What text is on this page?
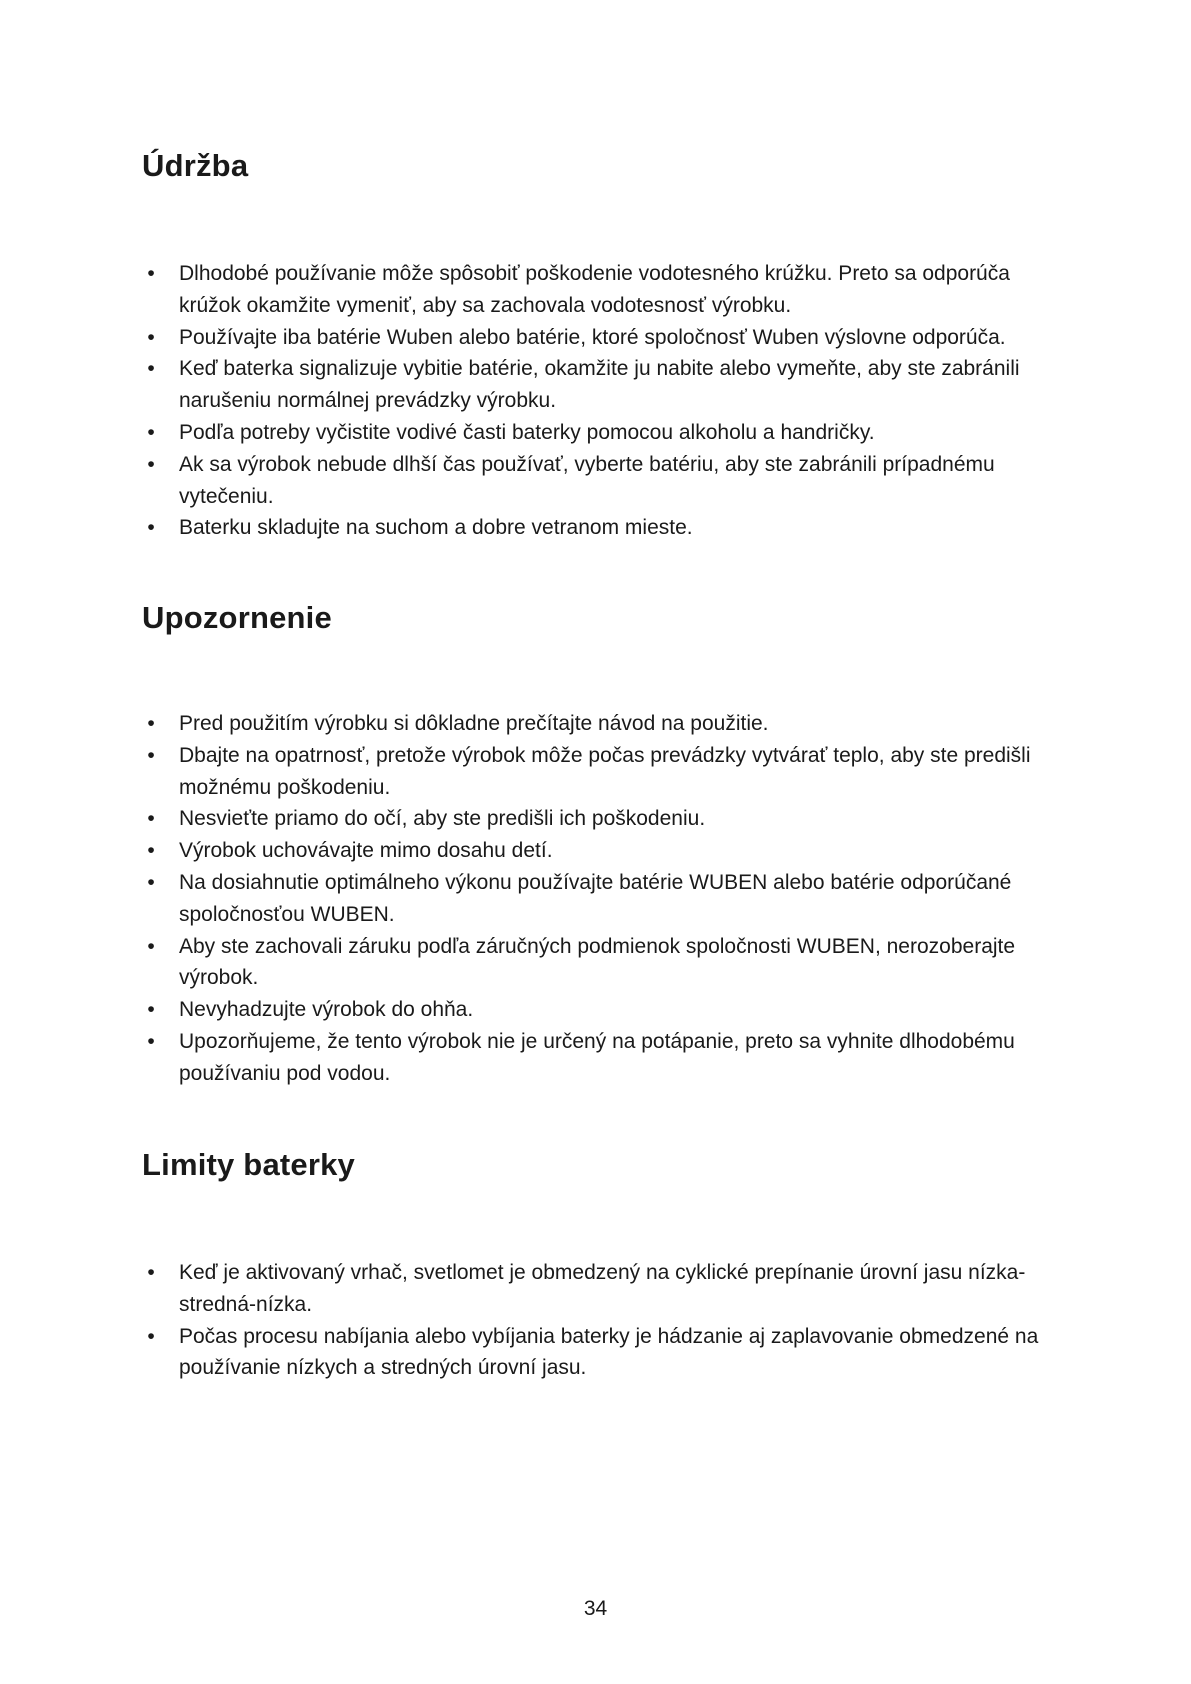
Údržba
• Dlhodobé používanie môže spôsobiť poškodenie vodotesného krúžku. Preto sa odporúča krúžok okamžite vymeniť, aby sa zachovala vodotesnosť výrobku.
• Používajte iba batérie Wuben alebo batérie, ktoré spoločnosť Wuben výslovne odporúča.
• Keď baterka signalizuje vybitie batérie, okamžite ju nabite alebo vymeňte, aby ste zabránili narušeniu normálnej prevádzky výrobku.
• Podľa potreby vyčistite vodivé časti baterky pomocou alkoholu a handričky.
• Ak sa výrobok nebude dlhší čas používať, vyberte batériu, aby ste zabránili prípadnému vytečeniu.
• Baterku skladujte na suchom a dobre vetranom mieste.
Upozornenie
• Pred použitím výrobku si dôkladne prečítajte návod na použitie.
• Dbajte na opatrnosť, pretože výrobok môže počas prevádzky vytvárať teplo, aby ste predišli možnému poškodeniu.
• Nesvieťte priamo do očí, aby ste predišli ich poškodeniu.
• Výrobok uchovávajte mimo dosahu detí.
• Na dosiahnutie optimálneho výkonu používajte batérie WUBEN alebo batérie odporúčané spoločnosťou WUBEN.
• Aby ste zachovali záruku podľa záručných podmienok spoločnosti WUBEN, nerozoberajte výrobok.
• Nevyhadzujte výrobok do ohňa.
• Upozorňujeme, že tento výrobok nie je určený na potápanie, preto sa vyhnite dlhodobému používaniu pod vodou.
Limity baterky
• Keď je aktivovaný vrhač, svetlomet je obmedzený na cyklické prepínanie úrovní jasu nízka-stredná-nízka.
• Počas procesu nabíjania alebo vybíjania baterky je hádzanie aj zaplavovanie obmedzené na používanie nízkych a stredných úrovní jasu.
34
